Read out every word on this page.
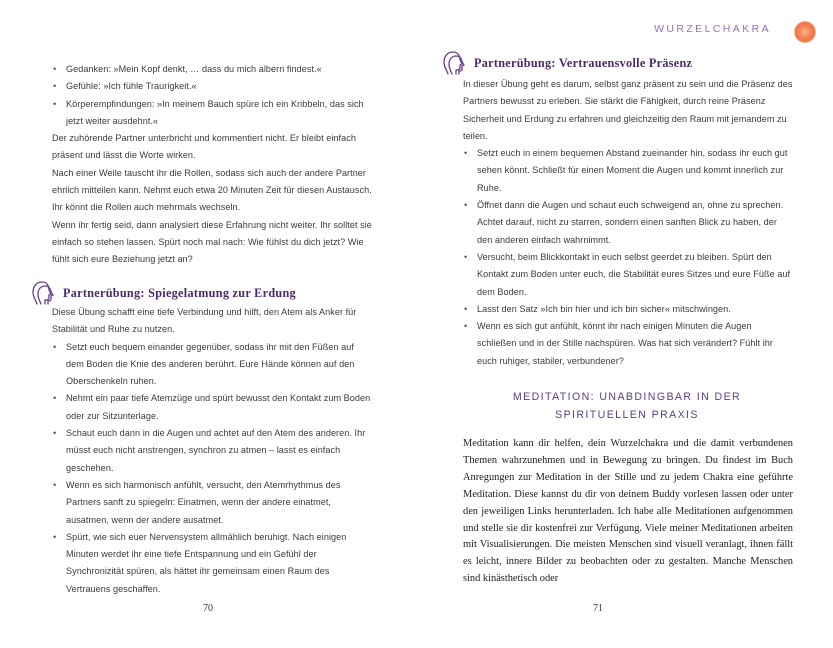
• Gedanken: »Mein Kopf denkt, … dass du mich albern findest.«
• Gefühle: »Ich fühle Traurigkeit.«
• Körperempfindungen: »In meinem Bauch spüre ich ein Kribbeln, das sich jetzt weiter ausdehnt.«

Der zuhörende Partner unterbricht und kommentiert nicht. Er bleibt einfach präsent und lässt die Worte wirken.

Nach einer Weile tauscht ihr die Rollen, sodass sich auch der andere Partner ehrlich mitteilen kann. Nehmt euch etwa 20 Minuten Zeit für diesen Austausch. Ihr könnt die Rollen auch mehrmals wechseln.

Wenn ihr fertig seid, dann analysiert diese Erfahrung nicht weiter. Ihr solltet sie einfach so stehen lassen. Spürt noch mal nach: Wie fühlst du dich jetzt? Wie fühlt sich eure Beziehung jetzt an?

Partnerübung: Spiegelatmung zur Erdung

Diese Übung schafft eine tiefe Verbindung und hilft, den Atem als Anker für Stabilität und Ruhe zu nutzen.

• Setzt euch bequem einander gegenüber, sodass ihr mit den Füßen auf dem Boden die Knie des anderen berührt. Eure Hände können auf den Oberschenkeln ruhen.
• Nehmt ein paar tiefe Atemzüge und spürt bewusst den Kontakt zum Boden oder zur Sitzunterlage.
• Schaut euch dann in die Augen und achtet auf den Atem des anderen. Ihr müsst euch nicht anstrengen, synchron zu atmen – lasst es einfach geschehen.
• Wenn es sich harmonisch anfühlt, versucht, den Atemrhythmus des Partners sanft zu spiegeln: Einatmen, wenn der andere einatmet, ausatmen, wenn der andere ausatmet.
• Spürt, wie sich euer Nervensystem allmählich beruhigt. Nach einigen Minuten werdet ihr eine tiefe Entspannung und ein Gefühl der Synchronizität spüren, als hättet ihr gemeinsam einen Raum des Vertrauens geschaffen.
70
WURZELCHAKRA
Partnerübung: Vertrauensvolle Präsenz

In dieser Übung geht es darum, selbst ganz präsent zu sein und die Präsenz des Partners bewusst zu erleben. Sie stärkt die Fähigkeit, durch reine Präsenz Sicherheit und Erdung zu erfahren und gleichzeitig den Raum mit jemandem zu teilen.

• Setzt euch in einem bequemen Abstand zueinander hin, sodass ihr euch gut sehen könnt. Schließt für einen Moment die Augen und kommt innerlich zur Ruhe.
• Öffnet dann die Augen und schaut euch schweigend an, ohne zu sprechen. Achtet darauf, nicht zu starren, sondern einen sanften Blick zu haben, der den anderen einfach wahrnimmt.
• Versucht, beim Blickkontakt in euch selbst geerdet zu bleiben. Spürt den Kontakt zum Boden unter euch, die Stabilität eures Sitzes und eure Füße auf dem Boden.
• Lasst den Satz »Ich bin hier und ich bin sicher« mitschwingen.
• Wenn es sich gut anfühlt, könnt ihr nach einigen Minuten die Augen schließen und in der Stille nachspüren. Was hat sich verändert? Fühlt ihr euch ruhiger, stabiler, verbundener?
MEDITATION: UNABDINGBAR IN DER
SPIRITUELLEN PRAXIS

Meditation kann dir helfen, dein Wurzelchakra und die damit verbundenen Themen wahrzunehmen und in Bewegung zu bringen. Du findest im Buch Anregungen zur Meditation in der Stille und zu jedem Chakra eine geführte Meditation. Diese kannst du dir von deinem Buddy vorlesen lassen oder unter den jeweiligen Links herunterladen. Ich habe alle Meditationen aufgenommen und stelle sie dir kostenfrei zur Verfügung. Viele meiner Meditationen arbeiten mit Visualisierungen. Die meisten Menschen sind visuell veranlagt, ihnen fällt es leicht, innere Bilder zu beobachten oder zu gestalten. Manche Menschen sind kinästhetisch oder

71
